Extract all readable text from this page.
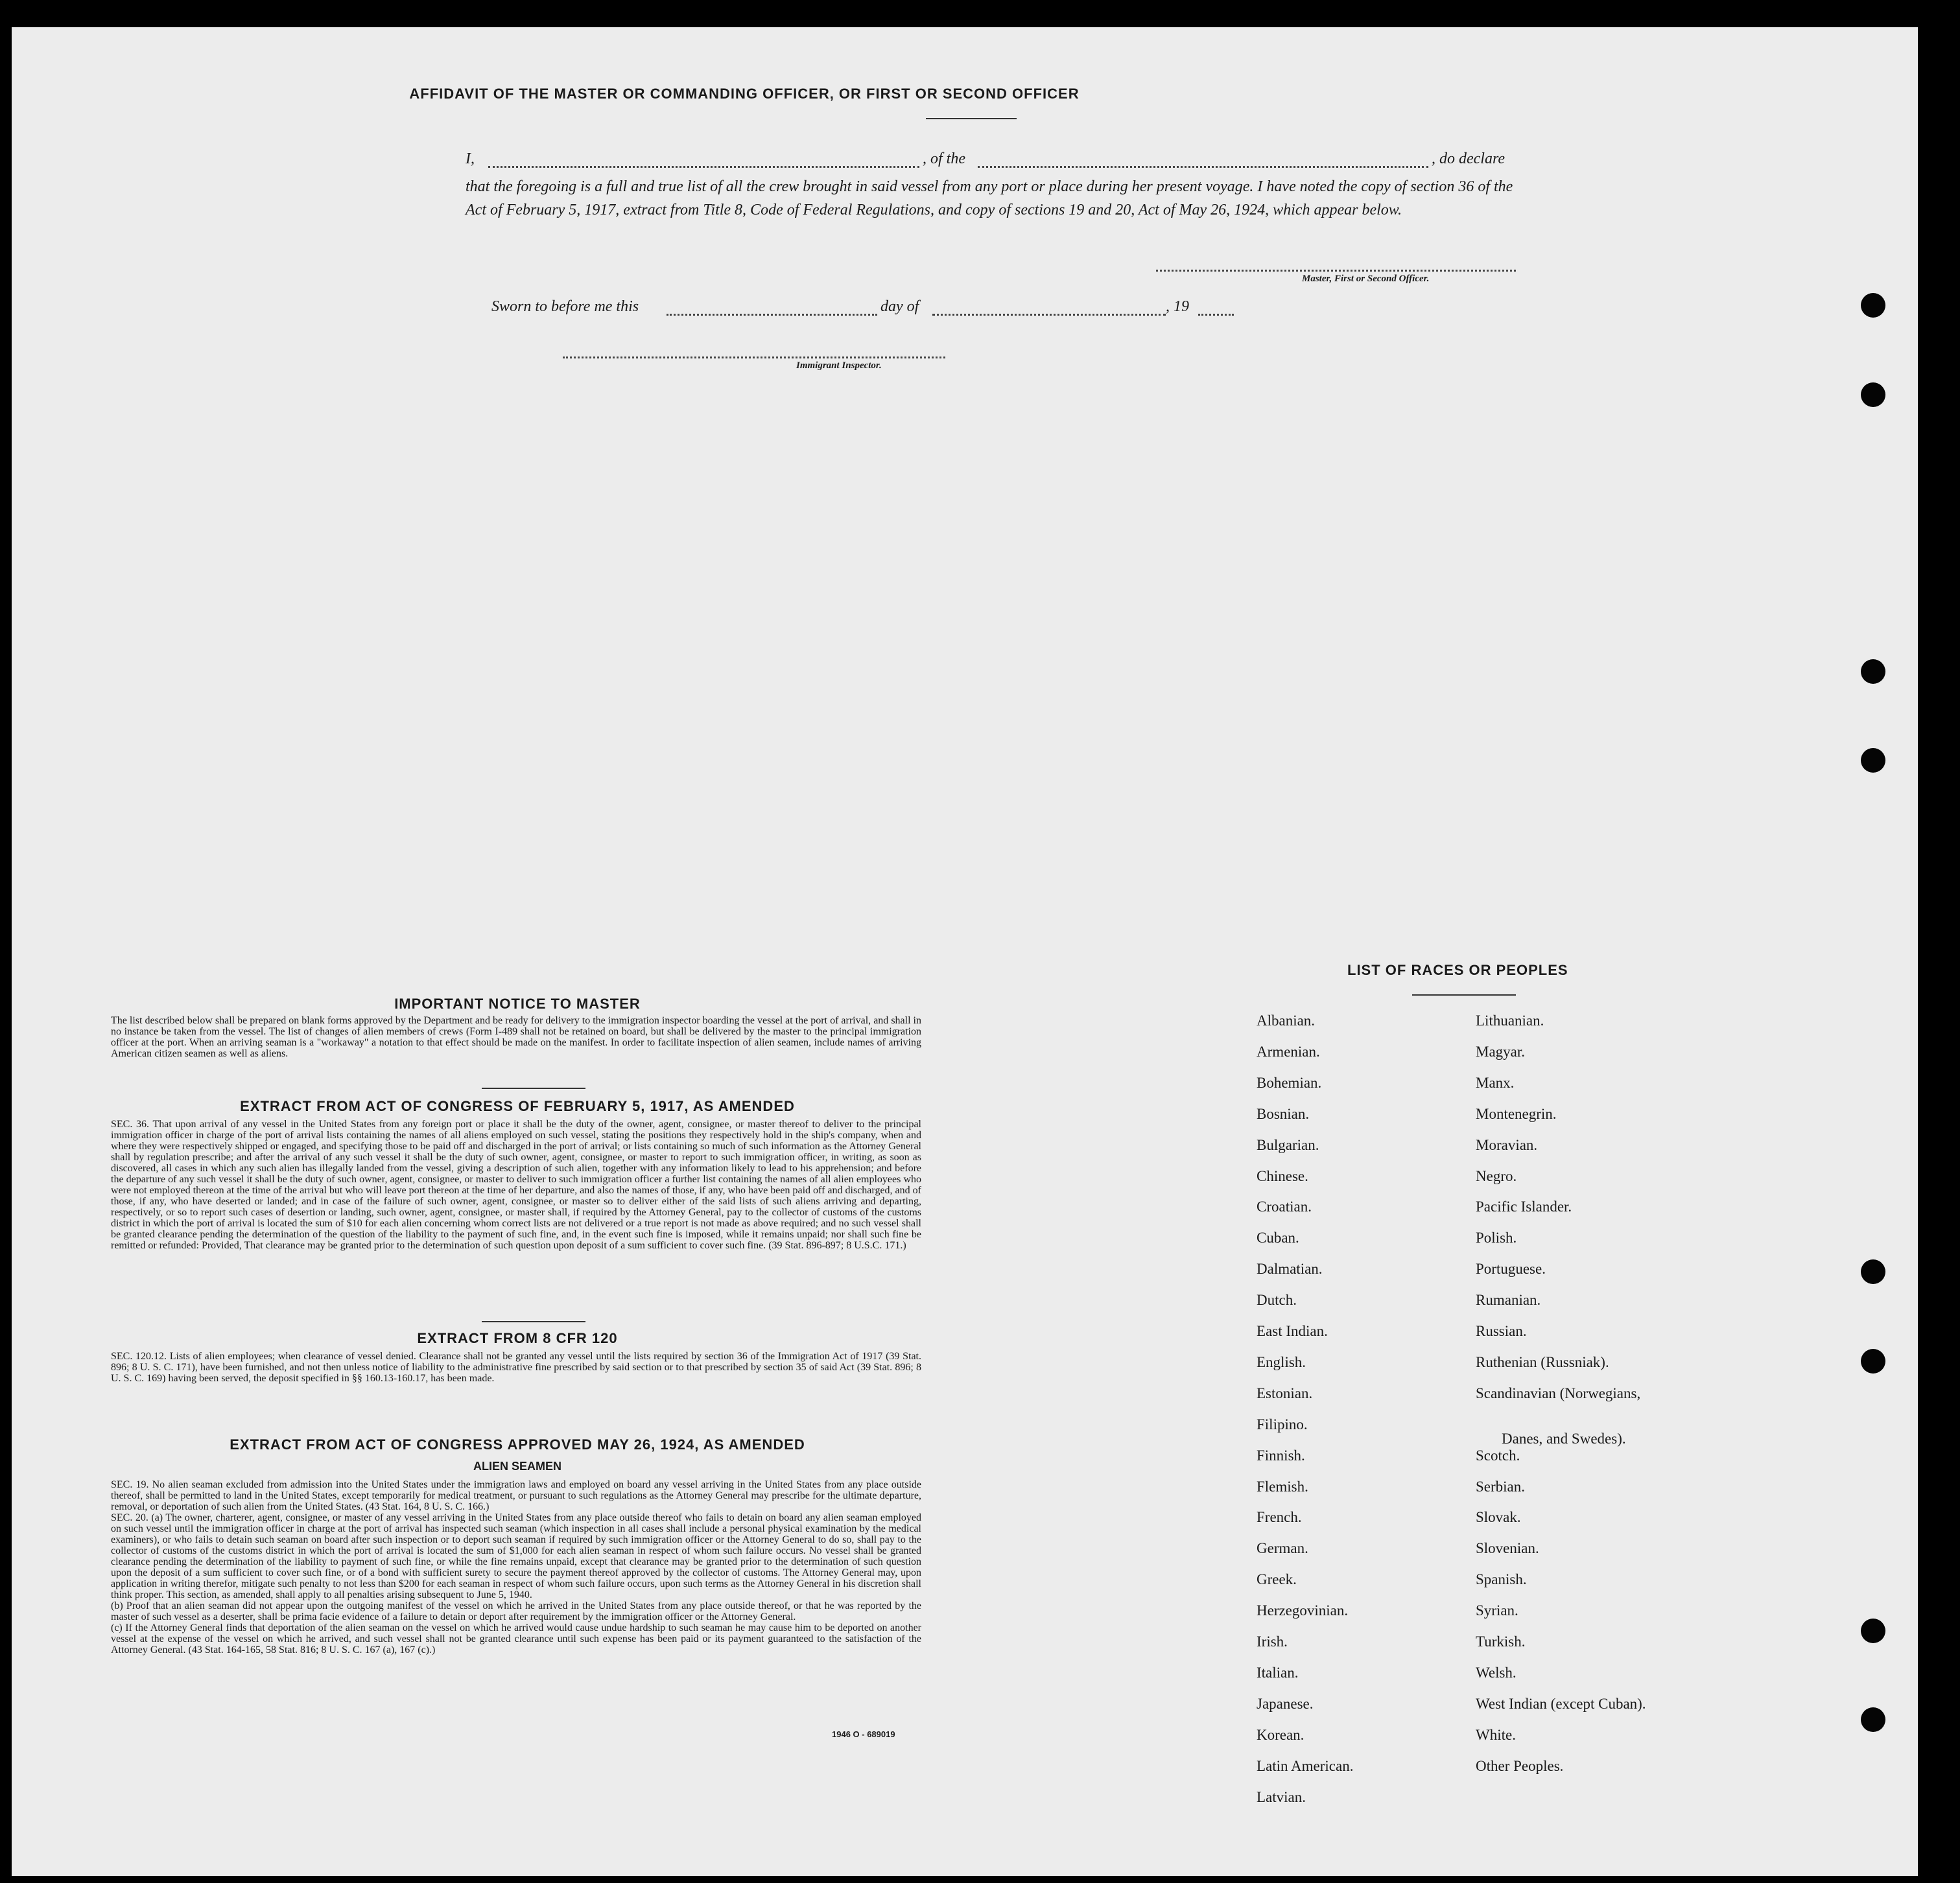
AFFIDAVIT OF THE MASTER OR COMMANDING OFFICER, OR FIRST OR SECOND OFFICER
I,	, of the	, do declare
that the foregoing is a full and true list of all the crew brought in said vessel from any port or place during her present voyage. I have noted the copy of section 36 of the Act of February 5, 1917, extract from Title 8, Code of Federal Regulations, and copy of sections 19 and 20, Act of May 26, 1924, which appear below.
Master, First or Second Officer.
Sworn to before me this	day of	, 19
Immigrant Inspector.
IMPORTANT NOTICE TO MASTER
The list described below shall be prepared on blank forms approved by the Department and be ready for delivery to the immigration inspector boarding the vessel at the port of arrival, and shall in no instance be taken from the vessel. The list of changes of alien members of crews (Form I-489 shall not be retained on board, but shall be delivered by the master to the principal immigration officer at the port. When an arriving seaman is a "workaway" a notation to that effect should be made on the manifest. In order to facilitate inspection of alien seamen, include names of arriving American citizen seamen as well as aliens.
EXTRACT FROM ACT OF CONGRESS OF FEBRUARY 5, 1917, AS AMENDED
SEC. 36. That upon arrival of any vessel in the United States from any foreign port or place it shall be the duty of the owner, agent, consignee, or master thereof to deliver to the principal immigration officer in charge of the port of arrival lists containing the names of all aliens employed on such vessel, stating the positions they respectively hold in the ship's company, when and where they were respectively shipped or engaged, and specifying those to be paid off and discharged in the port of arrival; or lists containing so much of such information as the Attorney General shall by regulation prescribe; and after the arrival of any such vessel it shall be the duty of such owner, agent, consignee, or master to report to such immigration officer, in writing, as soon as discovered, all cases in which any such alien has illegally landed from the vessel, giving a description of such alien, together with any information likely to lead to his apprehension; and before the departure of any such vessel it shall be the duty of such owner, agent, consignee, or master to deliver to such immigration officer a further list containing the names of all alien employees who were not employed thereon at the time of the arrival but who will leave port thereon at the time of her departure, and also the names of those, if any, who have been paid off and discharged, and of those, if any, who have deserted or landed; and in case of the failure of such owner, agent, consignee, or master so to deliver either of the said lists of such aliens arriving and departing, respectively, or so to report such cases of desertion or landing, such owner, agent, consignee, or master shall, if required by the Attorney General, pay to the collector of customs of the customs district in which the port of arrival is located the sum of $10 for each alien concerning whom correct lists are not delivered or a true report is not made as above required; and no such vessel shall be granted clearance pending the determination of the question of the liability to the payment of such fine, and, in the event such fine is imposed, while it remains unpaid; nor shall such fine be remitted or refunded: Provided, That clearance may be granted prior to the determination of such question upon deposit of a sum sufficient to cover such fine. (39 Stat. 896-897; 8 U.S.C. 171.)
EXTRACT FROM 8 CFR 120
SEC. 120.12. Lists of alien employees; when clearance of vessel denied. Clearance shall not be granted any vessel until the lists required by section 36 of the Immigration Act of 1917 (39 Stat. 896; 8 U. S. C. 171), have been furnished, and not then unless notice of liability to the administrative fine prescribed by said section or to that prescribed by section 35 of said Act (39 Stat. 896; 8 U. S. C. 169) having been served, the deposit specified in §§ 160.13-160.17, has been made.
EXTRACT FROM ACT OF CONGRESS APPROVED MAY 26, 1924, AS AMENDED
ALIEN SEAMEN
SEC. 19. No alien seaman excluded from admission into the United States under the immigration laws and employed on board any vessel arriving in the United States from any place outside thereof, shall be permitted to land in the United States, except temporarily for medical treatment, or pursuant to such regulations as the Attorney General may prescribe for the ultimate departure, removal, or deportation of such alien from the United States. (43 Stat. 164, 8 U. S. C. 166.)
SEC. 20. (a) The owner, charterer, agent, consignee, or master of any vessel arriving in the United States from any place outside thereof who fails to detain on board any alien seaman employed on such vessel until the immigration officer in charge at the port of arrival has inspected such seaman (which inspection in all cases shall include a personal physical examination by the medical examiners), or who fails to detain such seaman on board after such inspection or to deport such seaman if required by such immigration officer or the Attorney General to do so, shall pay to the collector of customs of the customs district in which the port of arrival is located the sum of $1,000 for each alien seaman in respect of whom such failure occurs. No vessel shall be granted clearance pending the determination of the liability to payment of such fine, or while the fine remains unpaid, except that clearance may be granted prior to the determination of such question upon the deposit of a sum sufficient to cover such fine, or of a bond with sufficient surety to secure the payment thereof approved by the collector of customs. The Attorney General may, upon application in writing therefor, mitigate such penalty to not less than $200 for each seaman in respect of whom such failure occurs, upon such terms as the Attorney General in his discretion shall think proper. This section, as amended, shall apply to all penalties arising subsequent to June 5, 1940.
(b) Proof that an alien seaman did not appear upon the outgoing manifest of the vessel on which he arrived in the United States from any place outside thereof, or that he was reported by the master of such vessel as a deserter, shall be prima facie evidence of a failure to detain or deport after requirement by the immigration officer or the Attorney General.
(c) If the Attorney General finds that deportation of the alien seaman on the vessel on which he arrived would cause undue hardship to such seaman he may cause him to be deported on another vessel at the expense of the vessel on which he arrived, and such vessel shall not be granted clearance until such expense has been paid or its payment guaranteed to the satisfaction of the Attorney General. (43 Stat. 164-165, 58 Stat. 816; 8 U. S. C. 167 (a), 167 (c).)
1946 O - 689019
LIST OF RACES OR PEOPLES
Albanian.
Armenian.
Bohemian.
Bosnian.
Bulgarian.
Chinese.
Croatian.
Cuban.
Dalmatian.
Dutch.
East Indian.
English.
Estonian.
Filipino.
Finnish.
Flemish.
French.
German.
Greek.
Herzegovinian.
Irish.
Italian.
Japanese.
Korean.
Latin American.
Latvian.
Lithuanian.
Magyar.
Manx.
Montenegrin.
Moravian.
Negro.
Pacific Islander.
Polish.
Portuguese.
Rumanian.
Russian.
Ruthenian (Russniak).
Scandinavian (Norwegians,
Danes, and Swedes).
Scotch.
Serbian.
Slovak.
Slovenian.
Spanish.
Syrian.
Turkish.
Welsh.
West Indian (except Cuban).
White.
Other Peoples.
